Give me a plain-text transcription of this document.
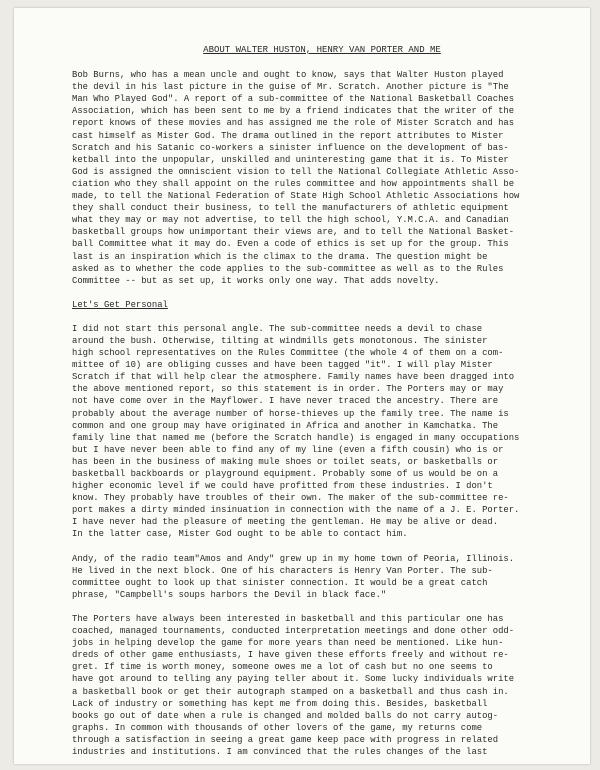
ABOUT WALTER HUSTON, HENRY VAN PORTER AND ME
Bob Burns, who has a mean uncle and ought to know, says that Walter Huston played
the devil in his last picture in the guise of Mr. Scratch. Another picture is "The
Man Who Played God". A report of a sub-committee of the National Basketball Coaches
Association, which has been sent to me by a friend indicates that the writer of the
report knows of these movies and has assigned me the role of Mister Scratch and has
cast himself as Mister God. The drama outlined in the report attributes to Mister
Scratch and his Satanic co-workers a sinister influence on the development of bas-
ketball into the unpopular, unskilled and uninteresting game that it is. To Mister
God is assigned the omniscient vision to tell the National Collegiate Athletic Asso-
ciation who they shall appoint on the rules committee and how appointments shall be
made, to tell the National Federation of State High School Athletic Associations how
they shall conduct their business, to tell the manufacturers of athletic equipment
what they may or may not advertise, to tell the high school, Y.M.C.A. and Canadian
basketball groups how unimportant their views are, and to tell the National Basket-
ball Committee what it may do. Even a code of ethics is set up for the group. This
last is an inspiration which is the climax to the drama. The question might be
asked as to whether the code applies to the sub-committee as well as to the Rules
Committee -- but as set up, it works only one way. That adds novelty.
Let's Get Personal
I did not start this personal angle. The sub-committee needs a devil to chase
around the bush. Otherwise, tilting at windmills gets monotonous. The sinister
high school representatives on the Rules Committee (the whole 4 of them on a com-
mittee of 10) are obliging cusses and have been tagged "it". I will play Mister
Scratch if that will help clear the atmosphere. Family names have been dragged into
the above mentioned report, so this statement is in order. The Porters may or may
not have come over in the Mayflower. I have never traced the ancestry. There are
probably about the average number of horse-thieves up the family tree. The name is
common and one group may have originated in Africa and another in Kamchatka. The
family line that named me (before the Scratch handle) is engaged in many occupations
but I have never been able to find any of my line (even a fifth cousin) who is or
has been in the business of making mule shoes or toilet seats, or basketballs or
basketball backboards or playground equipment. Probably some of us would be on a
higher economic level if we could have profitted from these industries. I don't
know. They probably have troubles of their own. The maker of the sub-committee re-
port makes a dirty minded insinuation in connection with the name of a J. E. Porter.
I have never had the pleasure of meeting the gentleman. He may be alive or dead.
In the latter case, Mister God ought to be able to contact him.
Andy, of the radio team"Amos and Andy" grew up in my home town of Peoria, Illinois.
He lived in the next block. One of his characters is Henry Van Porter. The sub-
committee ought to look up that sinister connection. It would be a great catch
phrase, "Campbell's soups harbors the Devil in black face."
The Porters have always been interested in basketball and this particular one has
coached, managed tournaments, conducted interpretation meetings and done other odd-
jobs in helping develop the game for more years than need be mentioned. Like hun-
dreds of other game enthusiasts, I have given these efforts freely and without re-
gret. If time is worth money, someone owes me a lot of cash but no one seems to
have got around to telling any paying teller about it. Some lucky individuals write
a basketball book or get their autograph stamped on a basketball and thus cash in.
Lack of industry or something has kept me from doing this. Besides, basketball
books go out of date when a rule is changed and molded balls do not carry autog-
graphs. In common with thousands of other lovers of the game, my returns come
through a satisfaction in seeing a great game keep pace with progress in related
industries and institutions. I am convinced that the rules changes of the last
